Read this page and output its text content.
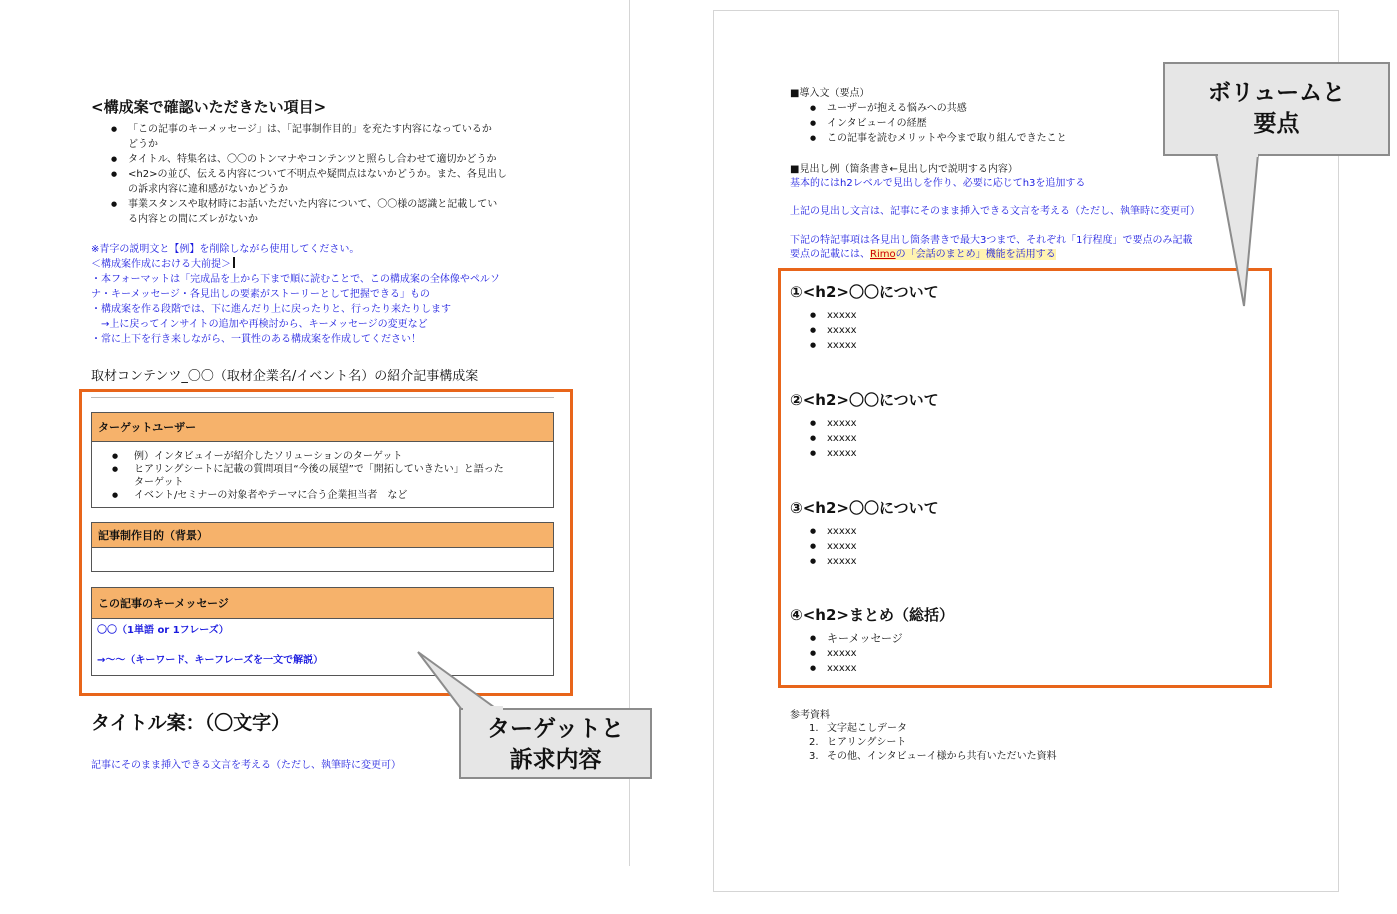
<構成案で確認いただきたい項目>
● 「この記事のキーメッセージ」は、「記事制作目的」を充たす内容になっているか
どうか
● タイトル、特集名は、〇〇のトンマナやコンテンツと照らし合わせて適切かどうか
● <h2>の並び、伝える内容について不明点や疑問点はないかどうか。また、各見出し
の訴求内容に違和感がないかどうか
● 事業スタンスや取材時にお話いただいた内容について、〇〇様の認識と記載してい
る内容との間にズレがないか
※青字の説明文と【例】を削除しながら使用してください。
＜構成案作成における大前提＞
・本フォーマットは「完成品を上から下まで順に読むことで、この構成案の全体像やペルソ
ナ・キーメッセージ・各見出しの要素がストーリーとして把握できる」もの
・構成案を作る段階では、下に進んだり上に戻ったりと、行ったり来たりします
　→上に戻ってインサイトの追加や再検討から、キーメッセージの変更など
・常に上下を行き来しながら、一貫性のある構成案を作成してください！
取材コンテンツ_〇〇（取材企業名/イベント名）の紹介記事構成案
ターゲットユーザー
● 例）インタビュイーが紹介したソリューションのターゲット
● ヒアリングシートに記載の質問項目“今後の展望”で「開拓していきたい」と語った
ターゲット
● イベント/セミナーの対象者やテーマに合う企業担当者　など
記事制作目的（背景）
この記事のキーメッセージ
〇〇（1単語 or 1フレーズ）
→〜〜（キーワード、キーフレーズを一文で解説）
タイトル案：（〇文字）
記事にそのまま挿入できる文言を考える（ただし、執筆時に変更可）
ターゲットと
訴求内容
■導入文（要点）
● ユーザーが抱える悩みへの共感
● インタビューイの経歴
● この記事を読むメリットや今まで取り組んできたこと
■見出し例（箇条書き←見出し内で説明する内容）
基本的にはh2レベルで見出しを作り、必要に応じてh3を追加する
上記の見出し文言は、記事にそのまま挿入できる文言を考える（ただし、執筆時に変更可）
下記の特記事項は各見出し箇条書きで最大3つまで、それぞれ「1行程度」で要点のみ記載
要点の記載には、Rimoの「会話のまとめ」機能を活用する
①<h2>〇〇について
● xxxxx
● xxxxx
● xxxxx
②<h2>〇〇について
● xxxxx
● xxxxx
● xxxxx
③<h2>〇〇について
● xxxxx
● xxxxx
● xxxxx
④<h2>まとめ（総括）
● キーメッセージ
● xxxxx
● xxxxx
参考資料
1. 文字起こしデータ
2. ヒアリングシート
3. その他、インタビューイ様から共有いただいた資料
ボリュームと
要点
